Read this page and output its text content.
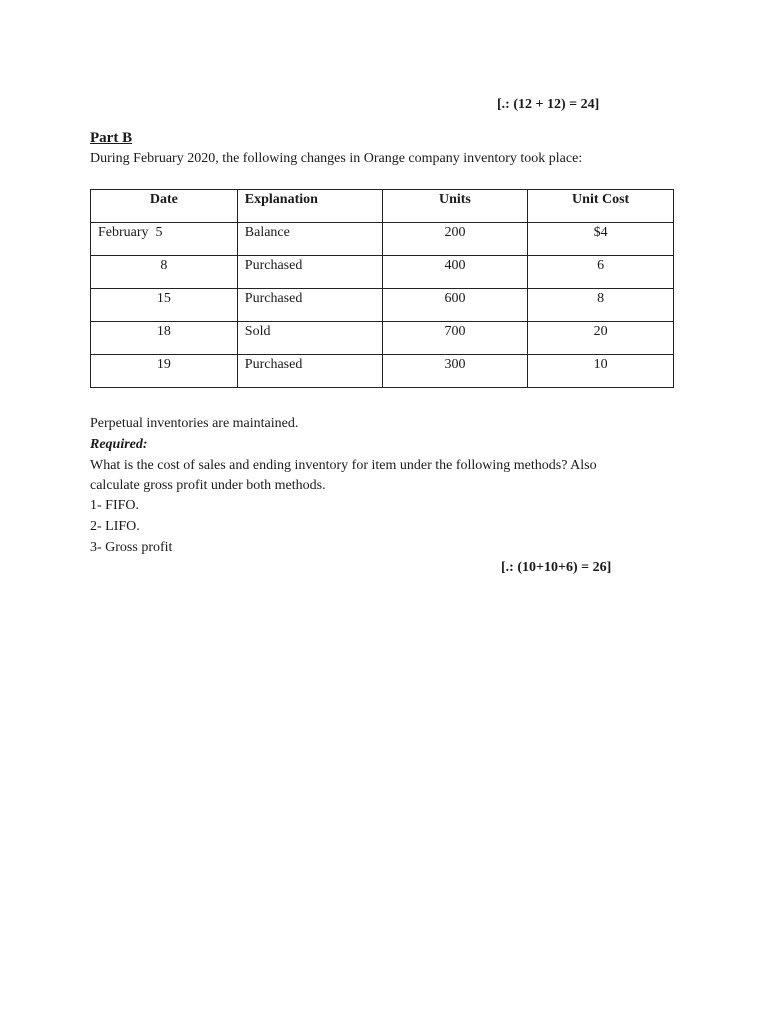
[.: (12 + 12) = 24]
Part B
During February 2020, the following changes in Orange company inventory took place:
Date	Explanation	Units	Unit Cost
February  5	Balance	200	$4
8	Purchased	400	6
15	Purchased	600	8
18	Sold	700	20
19	Purchased	300	10
Perpetual inventories are maintained.
Required:
What is the cost of sales and ending inventory for item under the following methods? Also
calculate gross profit under both methods.
1- FIFO.
2- LIFO.
3- Gross profit
[.: (10+10+6) = 26]
